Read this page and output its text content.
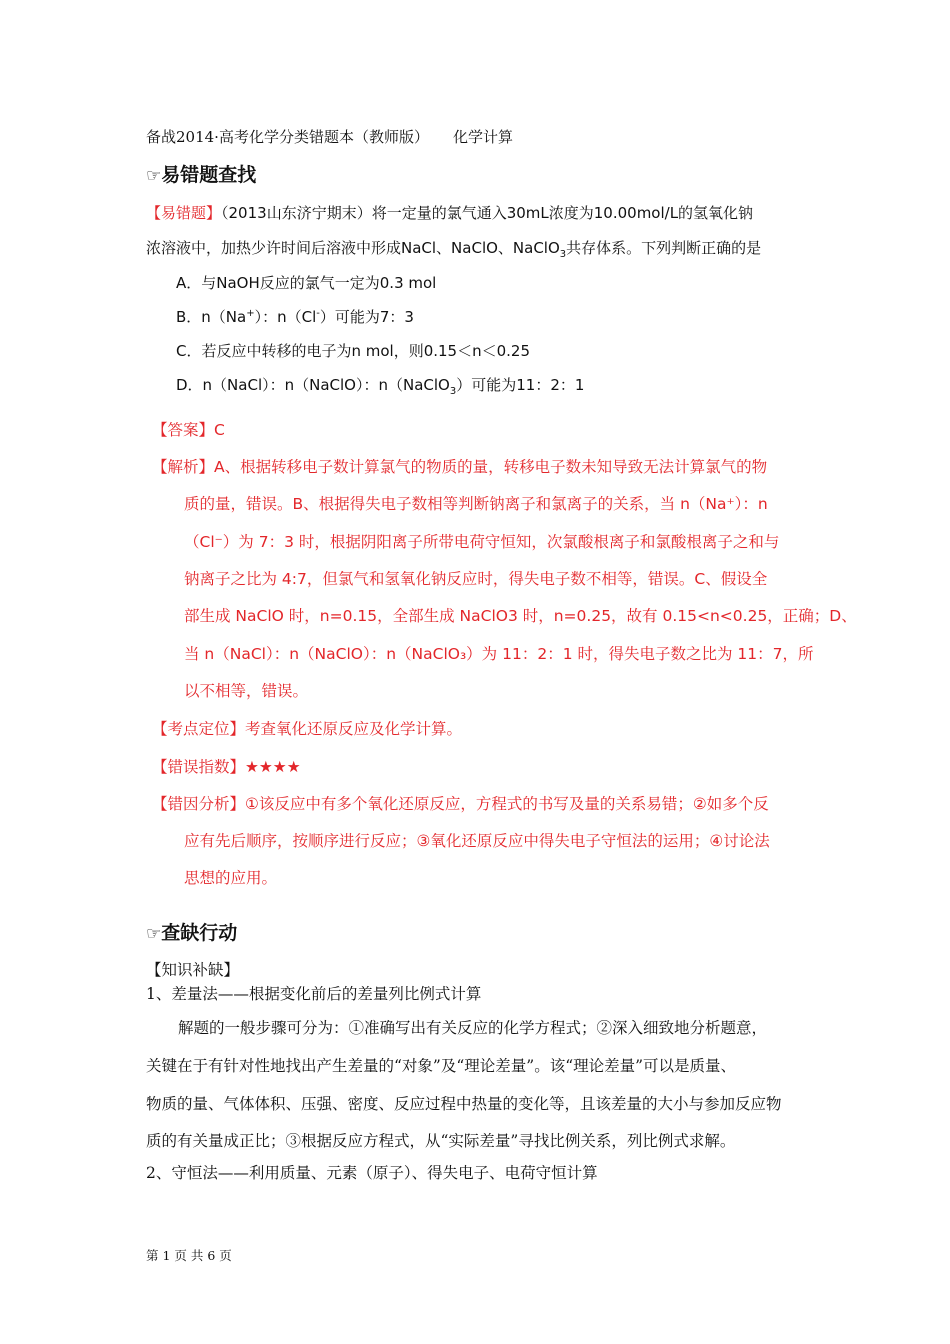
备战2014·高考化学分类错题本（教师版） 化学计算
☞易错题查找
【易错题】（2013山东济宁期末）将一定量的氯气通入30mL浓度为10.00mol/L的氢氧化钠
浓溶液中，加热少许时间后溶液中形成NaCl、NaClO、NaClO$_3$共存体系。下列判断正确的是
A．与NaOH反应的氯气一定为0.3 mol
B．n（Na+）：n（Cl-）可能为7：3
C．若反应中转移的电子为n mol，则0.15＜n＜0.25
D．n（NaCl）：n（NaClO）：n（NaClO$_3$）可能为11：2：1
【答案】C
【解析】A、根据转移电子数计算氯气的物质的量，转移电子数未知导致无法计算氯气的物
质的量，错误。B、根据得失电子数相等判断钠离子和氯离子的关系，当 n（Na⁺）：n
（Cl⁻）为 7：3 时，根据阴阳离子所带电荷守恒知，次氯酸根离子和氯酸根离子之和与
钠离子之比为 4:7，但氯气和氢氧化钠反应时，得失电子数不相等，错误。C、假设全
部生成 NaClO 时，n=0.15，全部生成 NaClO3 时，n=0.25，故有 0.15<n<0.25，正确；D、
当 n（NaCl）：n（NaClO）：n（NaClO₃）为 11：2：1 时，得失电子数之比为 11：7，所
以不相等，错误。
【考点定位】考查氧化还原反应及化学计算。
【错误指数】★★★★
【错因分析】①该反应中有多个氧化还原反应，方程式的书写及量的关系易错；②如多个反
应有先后顺序，按顺序进行反应；③氧化还原反应中得失电子守恒法的运用；④讨论法
思想的应用。
☞查缺行动
【知识补缺】
1、差量法——根据变化前后的差量列比例式计算
解题的一般步骤可分为：①准确写出有关反应的化学方程式；②深入细致地分析题意，
关键在于有针对性地找出产生差量的“对象”及“理论差量”。该“理论差量”可以是质量、
物质的量、气体体积、压强、密度、反应过程中热量的变化等，且该差量的大小与参加反应物
质的有关量成正比；③根据反应方程式，从“实际差量”寻找比例关系，列比例式求解。
2、守恒法——利用质量、元素（原子）、得失电子、电荷守恒计算
第 1 页 共 6 页
